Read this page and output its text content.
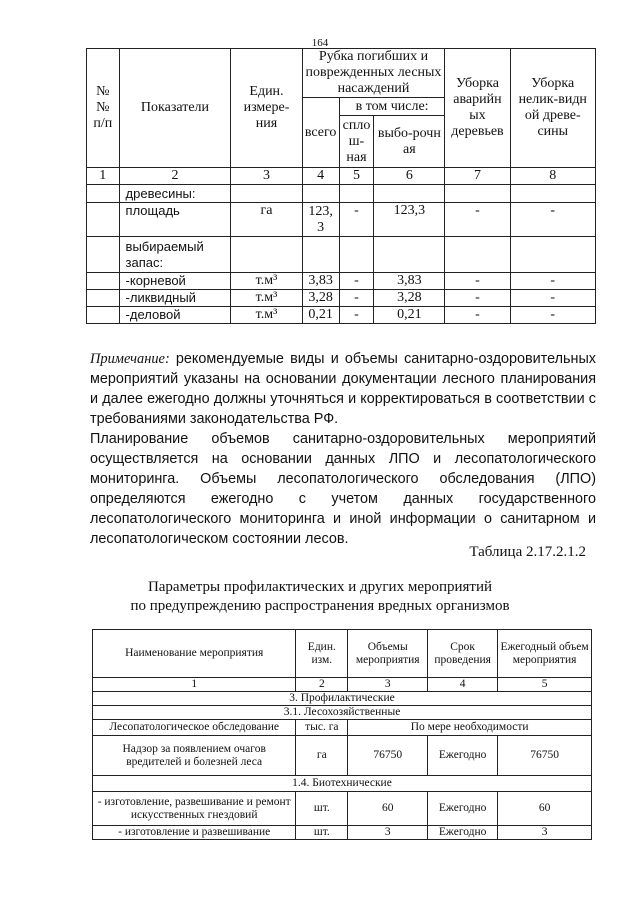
164
№ № п/п	Показатели	Един. измере-ния	Рубка погибших и поврежденных лесных насаждений			Уборка аварийн ых деревьев	Уборка нелик-видн ой древе-сины
			всего	в том числе:			
				спло ш-ная	выбо-рочн ая		
1	2	3	4	5	6	7	8
	древесины:						
	площадь	га	123, 3	-	123,3	-	-
	выбираемый запас:						
	-корневой	т.м³	3,83	-	3,83	-	-
	-ликвидный	т.м³	3,28	-	3,28	-	-
	-деловой	т.м³	0,21	-	0,21	-	-

Примечание: рекомендуемые виды и объемы санитарно-оздоровительных мероприятий указаны на основании документации лесного планирования и далее ежегодно должны уточняться и корректироваться в соответствии с требованиями законодательства РФ.

Планирование объемов санитарно-оздоровительных мероприятий осуществляется на основании данных ЛПО и лесопатологического мониторинга. Объемы лесопатологического обследования (ЛПО) определяются ежегодно с учетом данных государственного лесопатологического мониторинга и иной информации о санитарном и лесопатологическом состоянии лесов.

Таблица 2.17.2.1.2
Параметры профилактических и других мероприятий
по предупреждению распространения вредных организмов
Наименование мероприятия	Един. изм.	Объемы мероприятия	Срок проведения	Ежегодный объем мероприятия
1	2	3	4	5
3. Профилактические				
3.1. Лесохозяйственные				
Лесопатологическое обследование	тыс. га	По мере необходимости		
Надзор за появлением очагов вредителей и болезней леса	га	76750	Ежегодно	76750
1.4. Биотехнические				
- изготовление, развешивание и ремонт искусственных гнездовий	шт.	60	Ежегодно	60
- изготовление и развешивание	шт.	3	Ежегодно	3
